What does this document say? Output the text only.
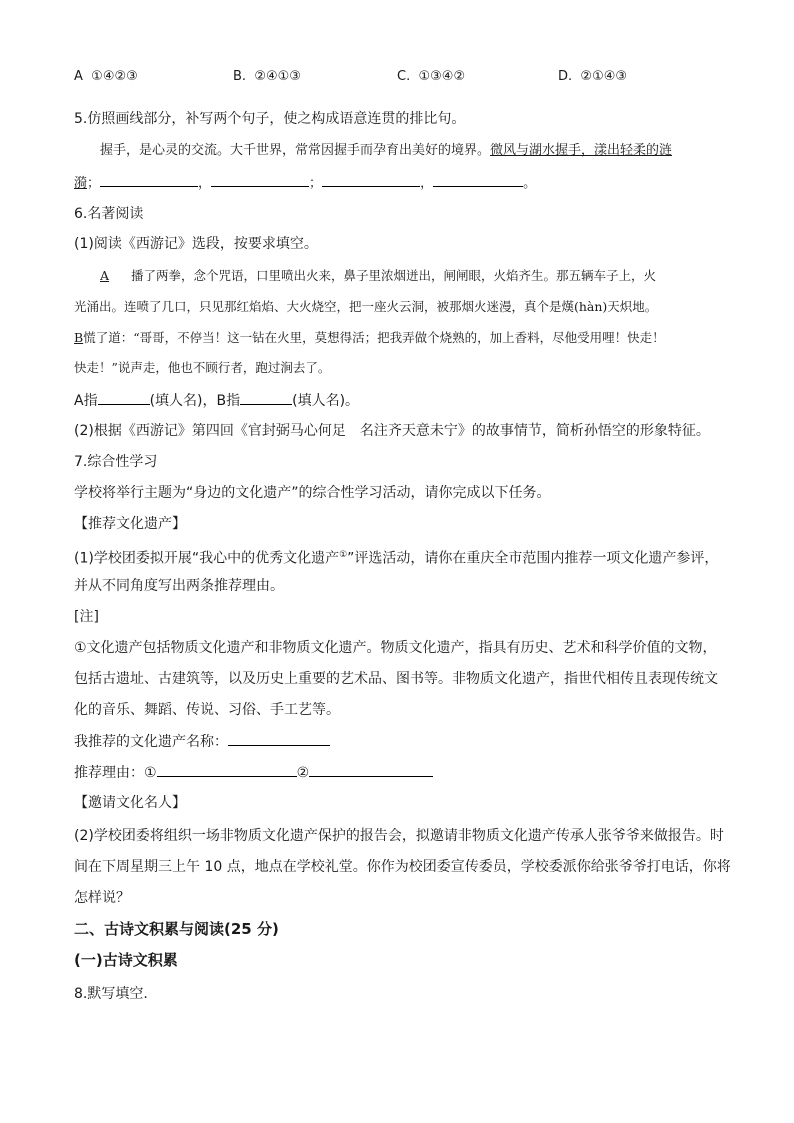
A ①④②③	B. ②④①③	C. ①③④②	D. ②①④③
5.仿照画线部分，补写两个句子，使之构成语意连贯的排比句。
握手，是心灵的交流。大千世界，常常因握手而孕育出美好的境界。微风与湖水握手，漾出轻柔的涟
漪；	，	；	，	。
6.名著阅读
(1)阅读《西游记》选段，按要求填空。
A 播了两拳，念个咒语，口里喷出火来，鼻子里浓烟迸出，闸闸眼，火焰齐生。那五辆车子上，火
光涌出。连喷了几口，只见那红焰焰、大火烧空，把一座火云洞，被那烟火迷漫，真个是熯(hàn)天炽地。
B慌了道：“哥哥，不停当！这一钻在火里，莫想得活；把我弄做个烧熟的，加上香料，尽他受用哩！快走！
快走！”说声走，他也不顾行者，跑过涧去了。
A指	(填人名)，B指	(填人名)。
(2)根据《西游记》第四回《官封弼马心何足　名注齐天意未宁》的故事情节，简析孙悟空的形象特征。
7.综合性学习
学校将举行主题为“身边的文化遗产”的综合性学习活动，请你完成以下任务。
【推荐文化遗产】
(1)学校团委拟开展“我心中的优秀文化遗产①”评选活动，请你在重庆全市范围内推荐一项文化遗产参评，
并从不同角度写出两条推荐理由。
[注]
①文化遗产包括物质文化遗产和非物质文化遗产。物质文化遗产，指具有历史、艺术和科学价值的文物，
包括古遗址、古建筑等，以及历史上重要的艺术品、图书等。非物质文化遗产，指世代相传且表现传统文
化的音乐、舞蹈、传说、习俗、手工艺等。
我推荐的文化遗产名称：
推荐理由：①	②
【邀请文化名人】
(2)学校团委将组织一场非物质文化遗产保护的报告会，拟邀请非物质文化遗产传承人张爷爷来做报告。时
间在下周星期三上午 10 点，地点在学校礼堂。你作为校团委宣传委员，学校委派你给张爷爷打电话，你将
怎样说？
二、古诗文积累与阅读(25 分)
(一)古诗文积累
8.默写填空.
